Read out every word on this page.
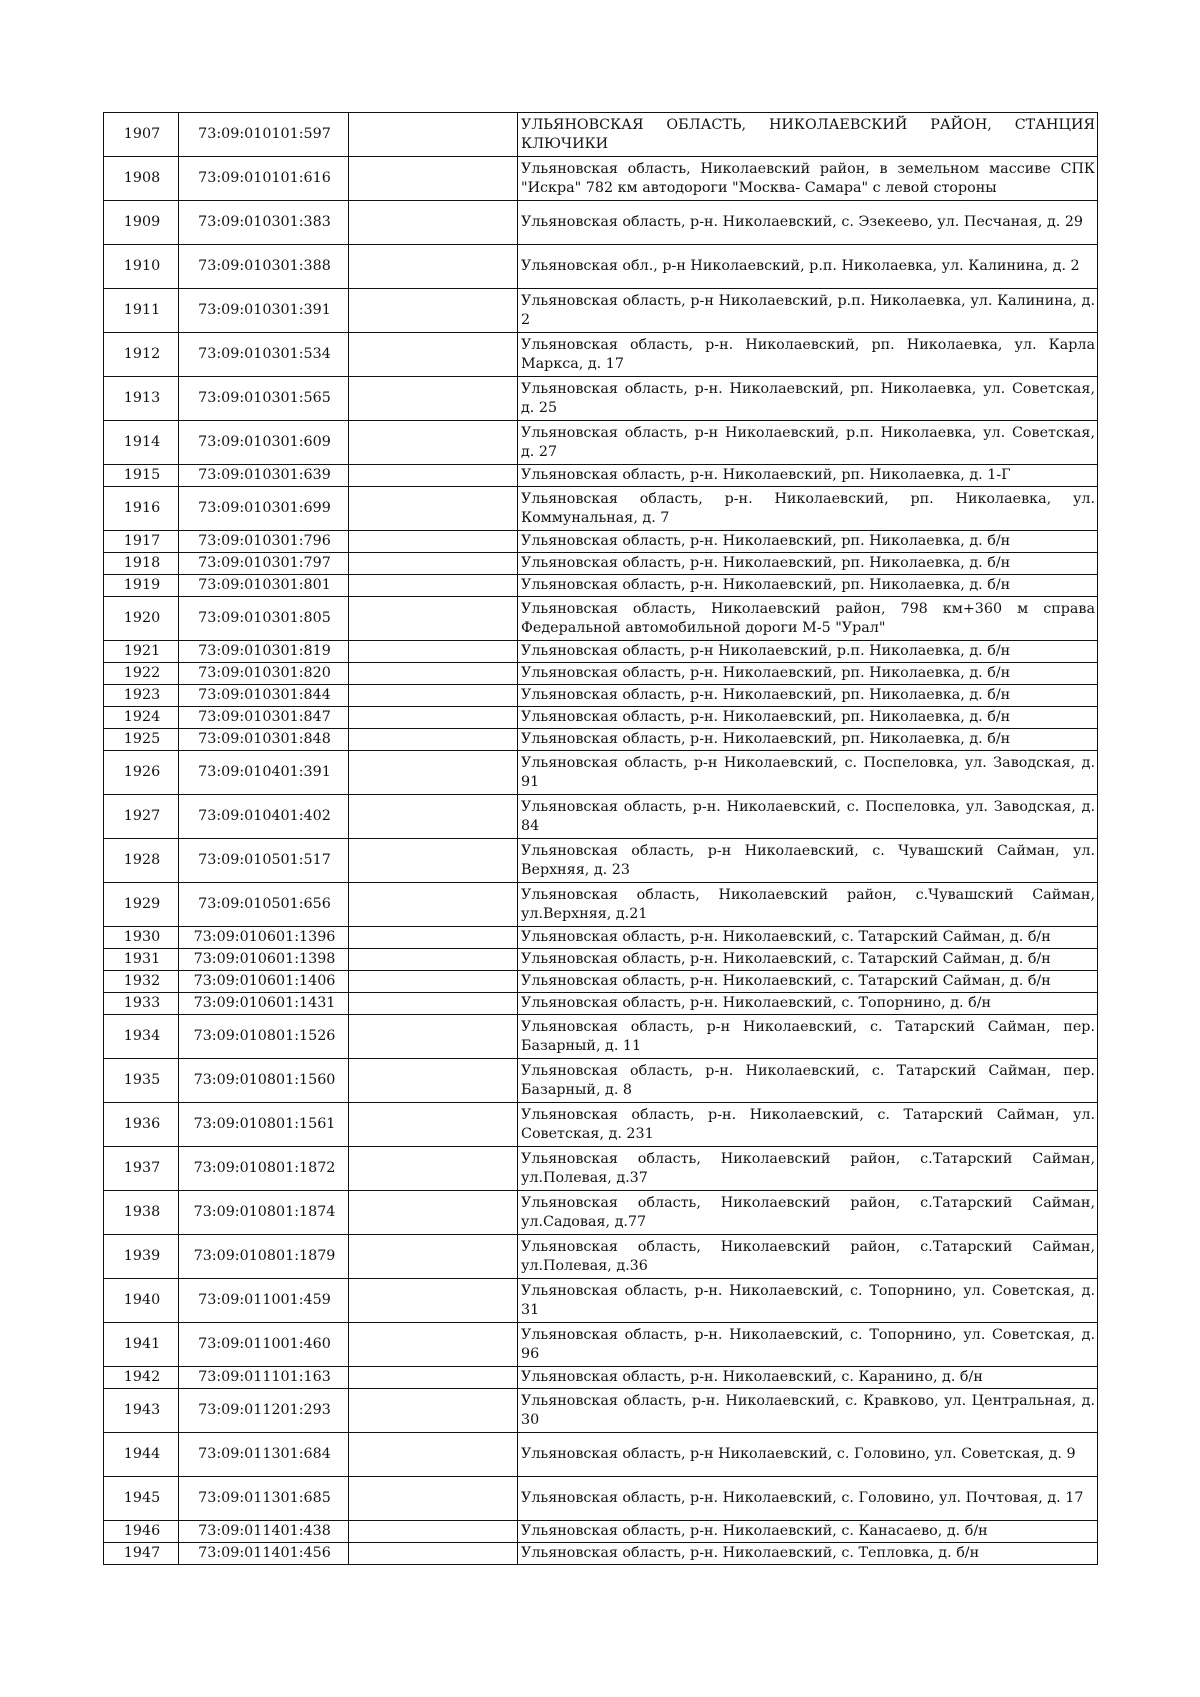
1907	73:09:010101:597		УЛЬЯНОВСКАЯ ОБЛАСТЬ, НИКОЛАЕВСКИЙ РАЙОН, СТАНЦИЯ КЛЮЧИКИ
1908	73:09:010101:616		Ульяновская область, Николаевский район, в земельном массиве СПК "Искра" 782 км автодороги "Москва- Самара" с левой стороны
1909	73:09:010301:383		Ульяновская область, р-н. Николаевский, с. Эзекеево, ул. Песчаная, д. 29
1910	73:09:010301:388		Ульяновская обл., р-н Николаевский, р.п. Николаевка, ул. Калинина, д. 2
1911	73:09:010301:391		Ульяновская область, р-н Николаевский, р.п. Николаевка, ул. Калинина, д. 2
1912	73:09:010301:534		Ульяновская область, р-н. Николаевский, рп. Николаевка, ул. Карла Маркса, д. 17
1913	73:09:010301:565		Ульяновская область, р-н. Николаевский, рп. Николаевка, ул. Советская, д. 25
1914	73:09:010301:609		Ульяновская область, р-н Николаевский, р.п. Николаевка, ул. Советская, д. 27
1915	73:09:010301:639		Ульяновская область, р-н. Николаевский, рп. Николаевка, д. 1-Г
1916	73:09:010301:699		Ульяновская область, р-н. Николаевский, рп. Николаевка, ул. Коммунальная, д. 7
1917	73:09:010301:796		Ульяновская область, р-н. Николаевский, рп. Николаевка, д. б/н
1918	73:09:010301:797		Ульяновская область, р-н. Николаевский, рп. Николаевка, д. б/н
1919	73:09:010301:801		Ульяновская область, р-н. Николаевский, рп. Николаевка, д. б/н
1920	73:09:010301:805		Ульяновская область, Николаевский район, 798 км+360 м справа Федеральной автомобильной дороги М-5 "Урал"
1921	73:09:010301:819		Ульяновская область, р-н Николаевский, р.п. Николаевка, д. б/н
1922	73:09:010301:820		Ульяновская область, р-н. Николаевский, рп. Николаевка, д. б/н
1923	73:09:010301:844		Ульяновская область, р-н. Николаевский, рп. Николаевка, д. б/н
1924	73:09:010301:847		Ульяновская область, р-н. Николаевский, рп. Николаевка, д. б/н
1925	73:09:010301:848		Ульяновская область, р-н. Николаевский, рп. Николаевка, д. б/н
1926	73:09:010401:391		Ульяновская область, р-н Николаевский, с. Поспеловка, ул. Заводская, д. 91
1927	73:09:010401:402		Ульяновская область, р-н. Николаевский, с. Поспеловка, ул. Заводская, д. 84
1928	73:09:010501:517		Ульяновская область, р-н Николаевский, с. Чувашский Сайман, ул. Верхняя, д. 23
1929	73:09:010501:656		Ульяновская область, Николаевский район, с.Чувашский Сайман, ул.Верхняя, д.21
1930	73:09:010601:1396		Ульяновская область, р-н. Николаевский, с. Татарский Сайман, д. б/н
1931	73:09:010601:1398		Ульяновская область, р-н. Николаевский, с. Татарский Сайман, д. б/н
1932	73:09:010601:1406		Ульяновская область, р-н. Николаевский, с. Татарский Сайман, д. б/н
1933	73:09:010601:1431		Ульяновская область, р-н. Николаевский, с. Топорнино, д. б/н
1934	73:09:010801:1526		Ульяновская область, р-н Николаевский, с. Татарский Сайман, пер. Базарный, д. 11
1935	73:09:010801:1560		Ульяновская область, р-н. Николаевский, с. Татарский Сайман, пер. Базарный, д. 8
1936	73:09:010801:1561		Ульяновская область, р-н. Николаевский, с. Татарский Сайман, ул. Советская, д. 231
1937	73:09:010801:1872		Ульяновская область, Николаевский район, с.Татарский Сайман, ул.Полевая, д.37
1938	73:09:010801:1874		Ульяновская область, Николаевский район, с.Татарский Сайман, ул.Садовая, д.77
1939	73:09:010801:1879		Ульяновская область, Николаевский район, с.Татарский Сайман, ул.Полевая, д.36
1940	73:09:011001:459		Ульяновская область, р-н. Николаевский, с. Топорнино, ул. Советская, д. 31
1941	73:09:011001:460		Ульяновская область, р-н. Николаевский, с. Топорнино, ул. Советская, д. 96
1942	73:09:011101:163		Ульяновская область, р-н. Николаевский, с. Каранино, д. б/н
1943	73:09:011201:293		Ульяновская область, р-н. Николаевский, с. Кравково, ул. Центральная, д. 30
1944	73:09:011301:684		Ульяновская область, р-н Николаевский, с. Головино, ул. Советская, д. 9
1945	73:09:011301:685		Ульяновская область, р-н. Николаевский, с. Головино, ул. Почтовая, д. 17
1946	73:09:011401:438		Ульяновская область, р-н. Николаевский, с. Канасаево, д. б/н
1947	73:09:011401:456		Ульяновская область, р-н. Николаевский, с. Тепловка, д. б/н
